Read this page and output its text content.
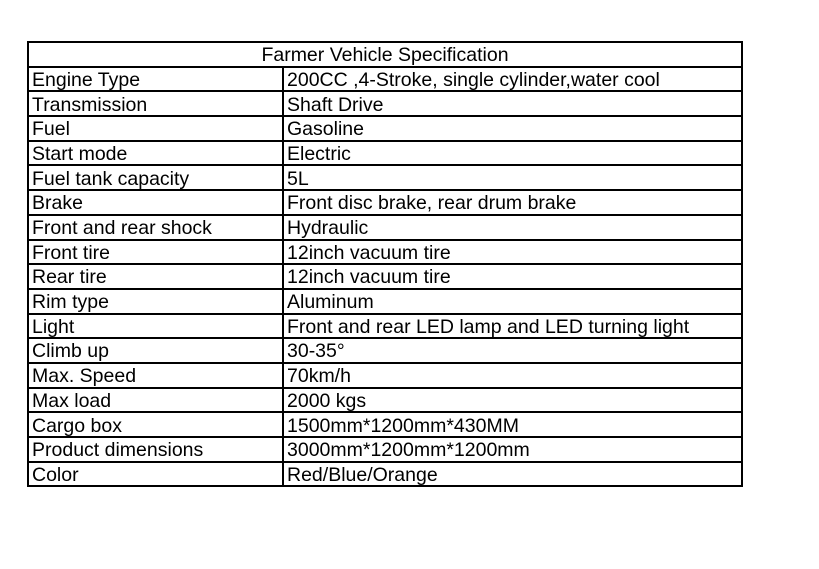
Farmer Vehicle Specification	
Engine Type	200CC ,4-Stroke, single cylinder,water cool
Transmission	Shaft Drive
Fuel	Gasoline
Start mode	Electric
Fuel tank capacity	5L
Brake	Front disc brake, rear drum brake
Front and rear shock	Hydraulic
Front tire	12inch vacuum tire
Rear tire	12inch vacuum tire
Rim type	Aluminum
Light	Front and rear LED lamp and LED turning light
Climb up	30-35°
Max. Speed	70km/h
Max load	2000 kgs
Cargo box	1500mm*1200mm*430MM
Product dimensions	3000mm*1200mm*1200mm
Color	Red/Blue/Orange
